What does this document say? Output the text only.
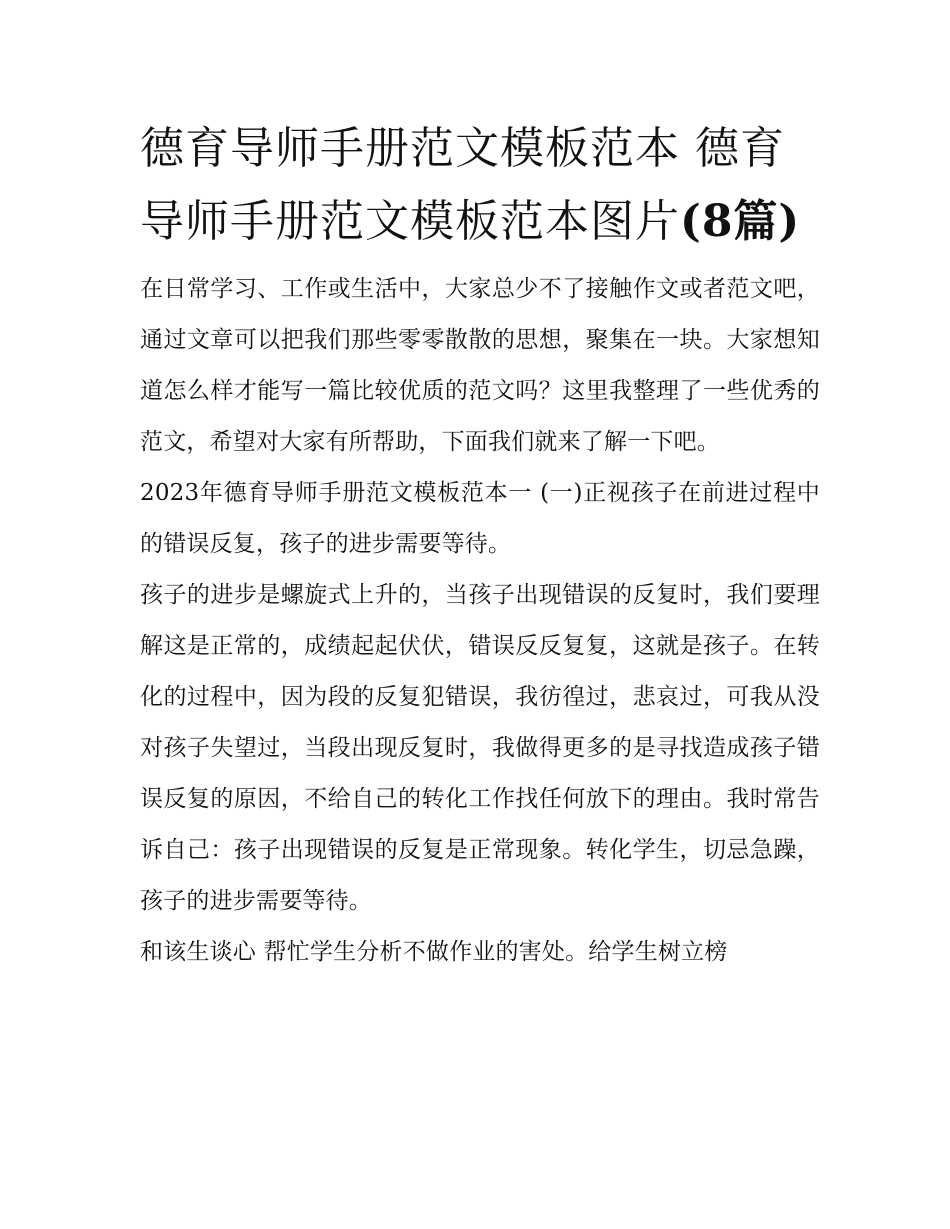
德育导师手册范文模板范本 德育导师手册范文模板范本图片(8篇)

在日常学习、工作或生活中，大家总少不了接触作文或者范文吧，通过文章可以把我们那些零零散散的思想，聚集在一块。大家想知道怎么样才能写一篇比较优质的范文吗？这里我整理了一些优秀的范文，希望对大家有所帮助，下面我们就来了解一下吧。

2023年德育导师手册范文模板范本一 (一)正视孩子在前进过程中的错误反复，孩子的进步需要等待。

孩子的进步是螺旋式上升的，当孩子出现错误的反复时，我们要理解这是正常的，成绩起起伏伏，错误反反复复，这就是孩子。在转化的过程中，因为段的反复犯错误，我彷徨过，悲哀过，可我从没对孩子失望过，当段出现反复时，我做得更多的是寻找造成孩子错误反复的原因，不给自己的转化工作找任何放下的理由。我时常告诉自己：孩子出现错误的反复是正常现象。转化学生，切忌急躁，孩子的进步需要等待。

和该生谈心 帮忙学生分析不做作业的害处。给学生树立榜
